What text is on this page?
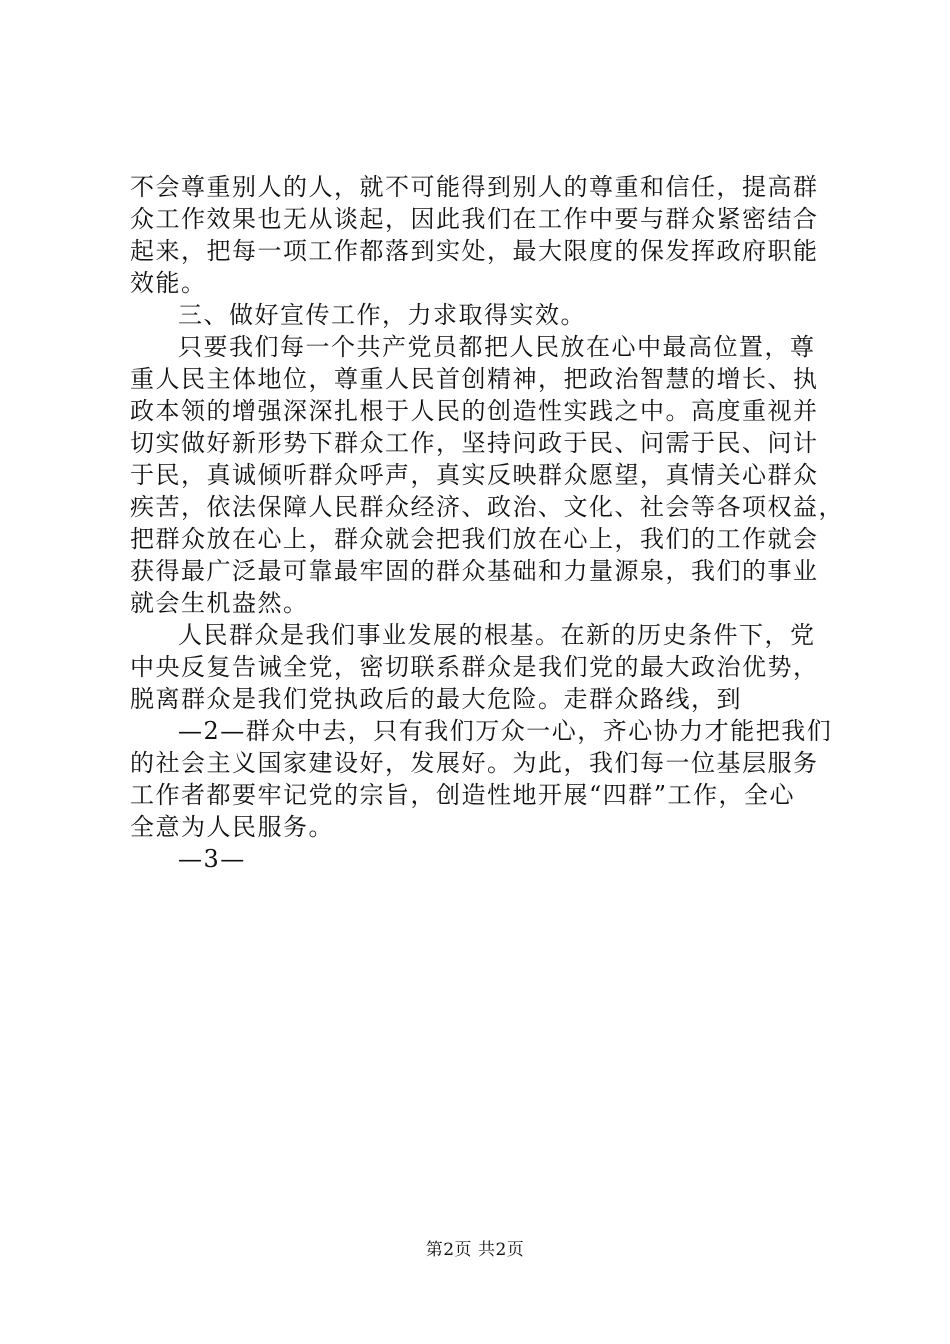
不会尊重别人的人，就不可能得到别人的尊重和信任，提高群
众工作效果也无从谈起，因此我们在工作中要与群众紧密结合
起来，把每一项工作都落到实处，最大限度的保发挥政府职能
效能。
三、做好宣传工作，力求取得实效。
只要我们每一个共产党员都把人民放在心中最高位置，尊
重人民主体地位，尊重人民首创精神，把政治智慧的增长、执
政本领的增强深深扎根于人民的创造性实践之中。高度重视并
切实做好新形势下群众工作，坚持问政于民、问需于民、问计
于民，真诚倾听群众呼声，真实反映群众愿望，真情关心群众
疾苦，依法保障人民群众经济、政治、文化、社会等各项权益，
把群众放在心上，群众就会把我们放在心上，我们的工作就会
获得最广泛最可靠最牢固的群众基础和力量源泉，我们的事业
就会生机盎然。
人民群众是我们事业发展的根基。在新的历史条件下，党
中央反复告诫全党，密切联系群众是我们党的最大政治优势，
脱离群众是我们党执政后的最大危险。走群众路线，到
—2—群众中去，只有我们万众一心，齐心协力才能把我们
的社会主义国家建设好，发展好。为此，我们每一位基层服务
工作者都要牢记党的宗旨，创造性地开展“四群”工作，全心
全意为人民服务。
—3—
第2页 共2页
